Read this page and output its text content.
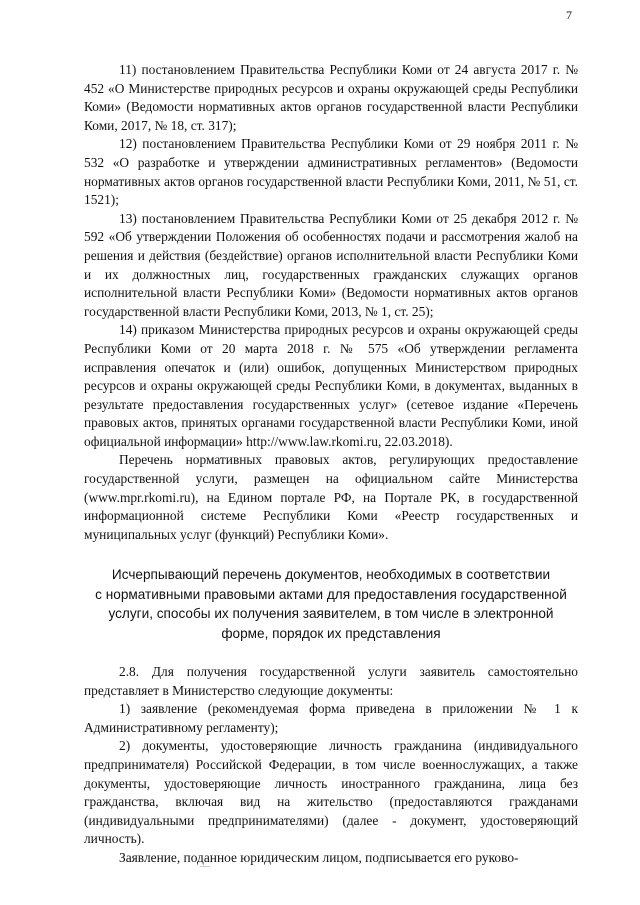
7

11) постановлением Правительства Республики Коми от 24 августа 2017 г. № 452 «О Министерстве природных ресурсов и охраны окружающей среды Республики Коми» (Ведомости нормативных актов органов государственной власти Республики Коми, 2017, № 18, ст. 317);

12) постановлением Правительства Республики Коми от 29 ноября 2011 г. № 532 «О разработке и утверждении административных регламентов» (Ведомости нормативных актов органов государственной власти Республики Коми, 2011, № 51, ст. 1521);

13) постановлением Правительства Республики Коми от 25 декабря 2012 г. № 592 «Об утверждении Положения об особенностях подачи и рассмотрения жалоб на решения и действия (бездействие) органов исполнительной власти Республики Коми и их должностных лиц, государственных гражданских служащих органов исполнительной власти Республики Коми» (Ведомости нормативных актов органов государственной власти Республики Коми, 2013, № 1, ст. 25);

14) приказом Министерства природных ресурсов и охраны окружающей среды Республики Коми от 20 марта 2018 г. № 575 «Об утверждении регламента исправления опечаток и (или) ошибок, допущенных Министерством природных ресурсов и охраны окружающей среды Республики Коми, в документах, выданных в результате предоставления государственных услуг» (сетевое издание «Перечень правовых актов, принятых органами государственной власти Республики Коми, иной официальной информации» http://www.law.rkomi.ru, 22.03.2018).

Перечень нормативных правовых актов, регулирующих предоставление государственной услуги, размещен на официальном сайте Министерства (www.mpr.rkomi.ru), на Едином портале РФ, на Портале РК, в государственной информационной системе Республики Коми «Реестр государственных и муниципальных услуг (функций) Республики Коми».

Исчерпывающий перечень документов, необходимых в соответствии
с нормативными правовыми актами для предоставления государственной
услуги, способы их получения заявителем, в том числе в электронной
форме, порядок их представления

2.8. Для получения государственной услуги заявитель самостоятельно представляет в Министерство следующие документы:

1) заявление (рекомендуемая форма приведена в приложении № 1 к Административному регламенту);

2) документы, удостоверяющие личность гражданина (индивидуального предпринимателя) Российской Федерации, в том числе военнослужащих, а также документы, удостоверяющие личность иностранного гражданина, лица без гражданства, включая вид на жительство (предоставляются гражданами (индивидуальными предпринимателями) (далее - документ, удостоверяющий личность).

Заявление, поданное юридическим лицом, подписывается его руково-
